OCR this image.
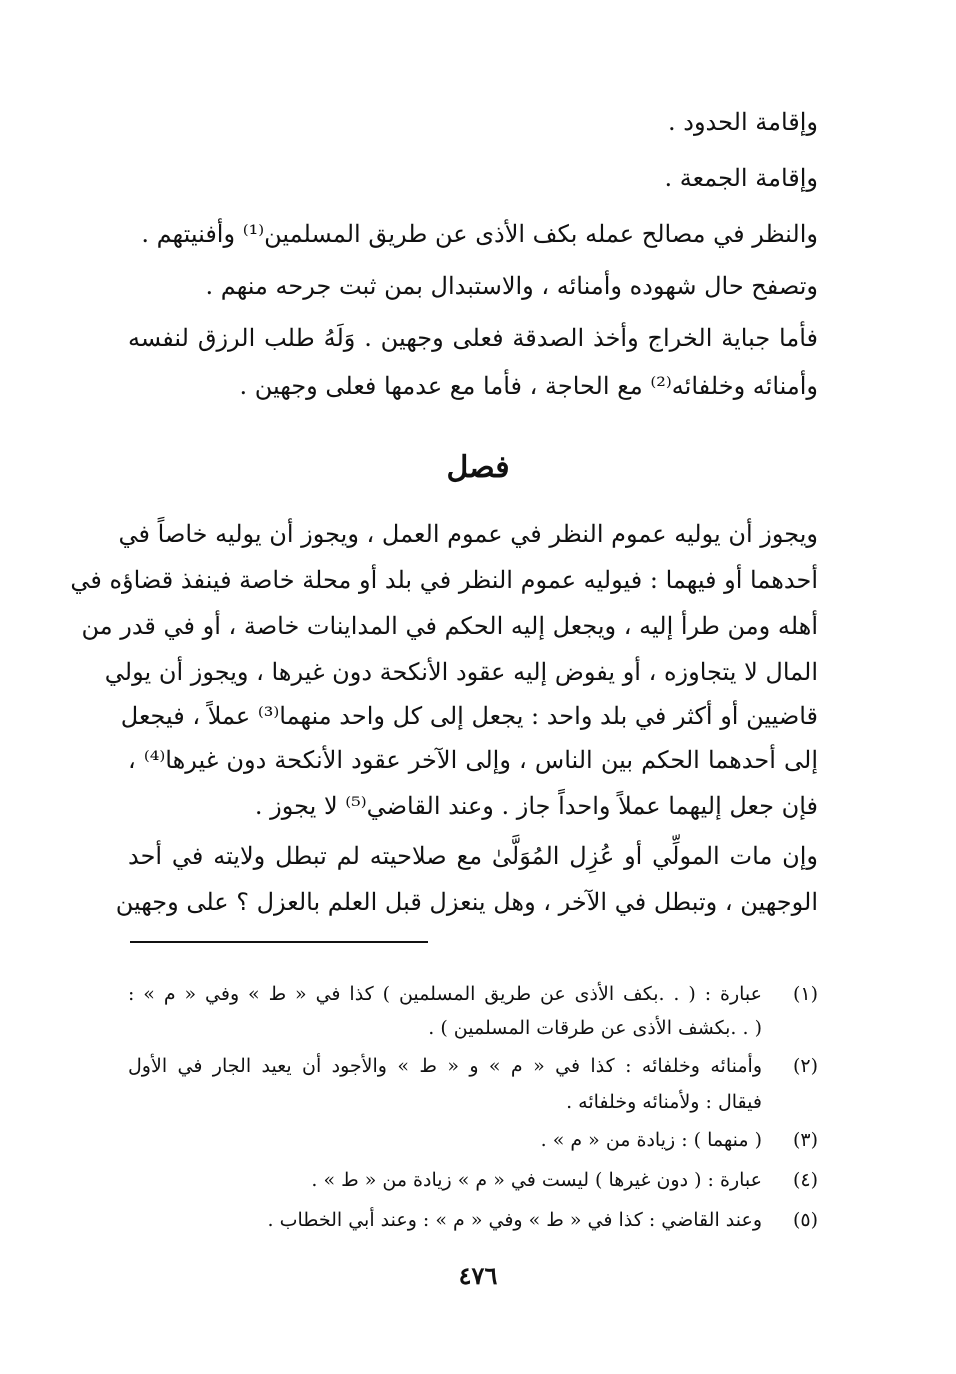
وإقامة الحدود .
وإقامة الجمعة .
والنظر في مصالح عمله بكف الأذى عن طريق المسلمين⁽¹⁾ وأفنيتهم .
وتصفح حال شهوده وأمنائه ، والاستبدال بمن ثبت جرحه منهم .
فأما جباية الخراج وأخذ الصدقة فعلى وجهين . وَلَهُ طلب الرزق لنفسه
وأمنائه وخلفائه⁽²⁾ مع الحاجة ، فأما مع عدمها فعلى وجهين .
فصل
ويجوز أن يوليه عموم النظر في عموم العمل ، ويجوز أن يوليه خاصاً في
أحدهما أو فيهما : فيوليه عموم النظر في بلد أو محلة خاصة فينفذ قضاؤه في
أهله ومن طرأ إليه ، ويجعل إليه الحكم في المداينات خاصة ، أو في قدر من
المال لا يتجاوزه ، أو يفوض إليه عقود الأنكحة دون غيرها ، ويجوز أن يولي
قاضيين أو أكثر في بلد واحد : يجعل إلى كل واحد منهما⁽³⁾ عملاً ، فيجعل
إلى أحدهما الحكم بين الناس ، وإلى الآخر عقود الأنكحة دون غيرها⁽⁴⁾ ،
فإن جعل إليهما عملاً واحداً جاز . وعند القاضي⁽⁵⁾ لا يجوز .
وإن مات المولِّي أو عُزِل المُوَلَّىٰ مع صلاحيته لم تبطل ولايته في أحد
الوجهين ، وتبطل في الآخر ، وهل ينعزل قبل العلم بالعزل ؟ على وجهين
(١)
عبارة : ( . .بكف الأذى عن طريق المسلمين ) كذا في « ط » وفي « م » :
( . .بكشف الأذى عن طرقات المسلمين ) .
(٢)
وأمنائه وخلفائه : كذا في « م » و « ط » والأجود أن يعيد الجار في الأول
فيقال : ولأمنائه وخلفائه .
(٣)
( منهما ) : زيادة من « م » .
(٤)
عبارة : ( دون غيرها ) ليست في « م » زيادة من « ط » .
(٥)
وعند القاضي : كذا في « ط » وفي « م » : وعند أبي الخطاب .
٤٧٦
